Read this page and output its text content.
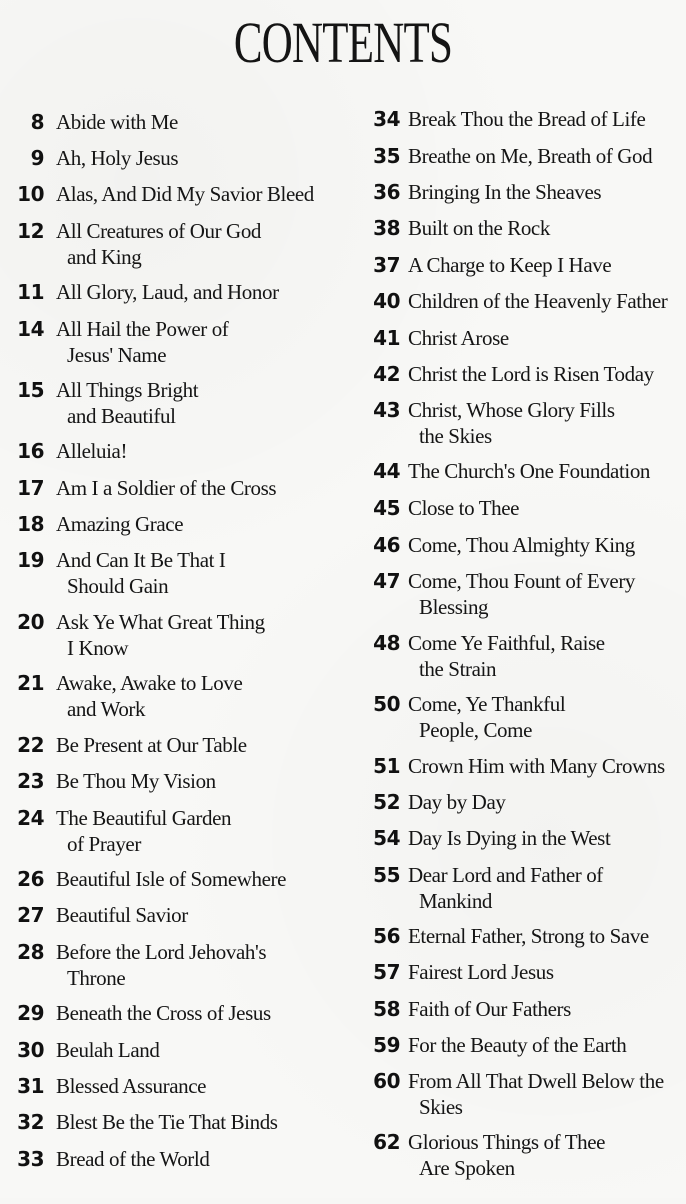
CONTENTS
8 Abide with Me
9 Ah, Holy Jesus
10 Alas, And Did My Savior Bleed
12 All Creatures of Our God
and King
11 All Glory, Laud, and Honor
14 All Hail the Power of
Jesus' Name
15 All Things Bright
and Beautiful
16 Alleluia!
17 Am I a Soldier of the Cross
18 Amazing Grace
19 And Can It Be That I
Should Gain
20 Ask Ye What Great Thing
I Know
21 Awake, Awake to Love
and Work
22 Be Present at Our Table
23 Be Thou My Vision
24 The Beautiful Garden
of Prayer
26 Beautiful Isle of Somewhere
27 Beautiful Savior
28 Before the Lord Jehovah's
Throne
29 Beneath the Cross of Jesus
30 Beulah Land
31 Blessed Assurance
32 Blest Be the Tie That Binds
33 Bread of the World
34 Break Thou the Bread of Life
35 Breathe on Me, Breath of God
36 Bringing In the Sheaves
38 Built on the Rock
37 A Charge to Keep I Have
40 Children of the Heavenly Father
41 Christ Arose
42 Christ the Lord is Risen Today
43 Christ, Whose Glory Fills
the Skies
44 The Church's One Foundation
45 Close to Thee
46 Come, Thou Almighty King
47 Come, Thou Fount of Every
Blessing
48 Come Ye Faithful, Raise
the Strain
50 Come, Ye Thankful
People, Come
51 Crown Him with Many Crowns
52 Day by Day
54 Day Is Dying in the West
55 Dear Lord and Father of
Mankind
56 Eternal Father, Strong to Save
57 Fairest Lord Jesus
58 Faith of Our Fathers
59 For the Beauty of the Earth
60 From All That Dwell Below the
Skies
62 Glorious Things of Thee
Are Spoken
